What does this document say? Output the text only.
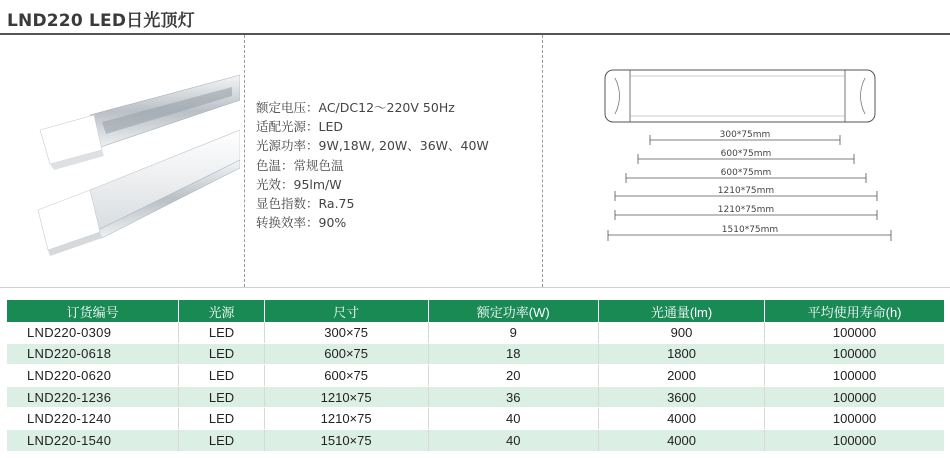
LND220 LED日光顶灯
额定电压：AC/DC12～220V 50Hz
适配光源：LED
光源功率：9W,18W, 20W、36W、40W
色温：常规色温
光效：95lm/W
显色指数：Ra.75
转换效率：90%
300*75mm
600*75mm
600*75mm
1210*75mm
1210*75mm
1510*75mm
订货编号	光源	尺寸	额定功率(W)	光通量(lm)	平均使用寿命(h)
LND220-0309	LED	300×75	9	900	100000
LND220-0618	LED	600×75	18	1800	100000
LND220-0620	LED	600×75	20	2000	100000
LND220-1236	LED	1210×75	36	3600	100000
LND220-1240	LED	1210×75	40	4000	100000
LND220-1540	LED	1510×75	40	4000	100000
